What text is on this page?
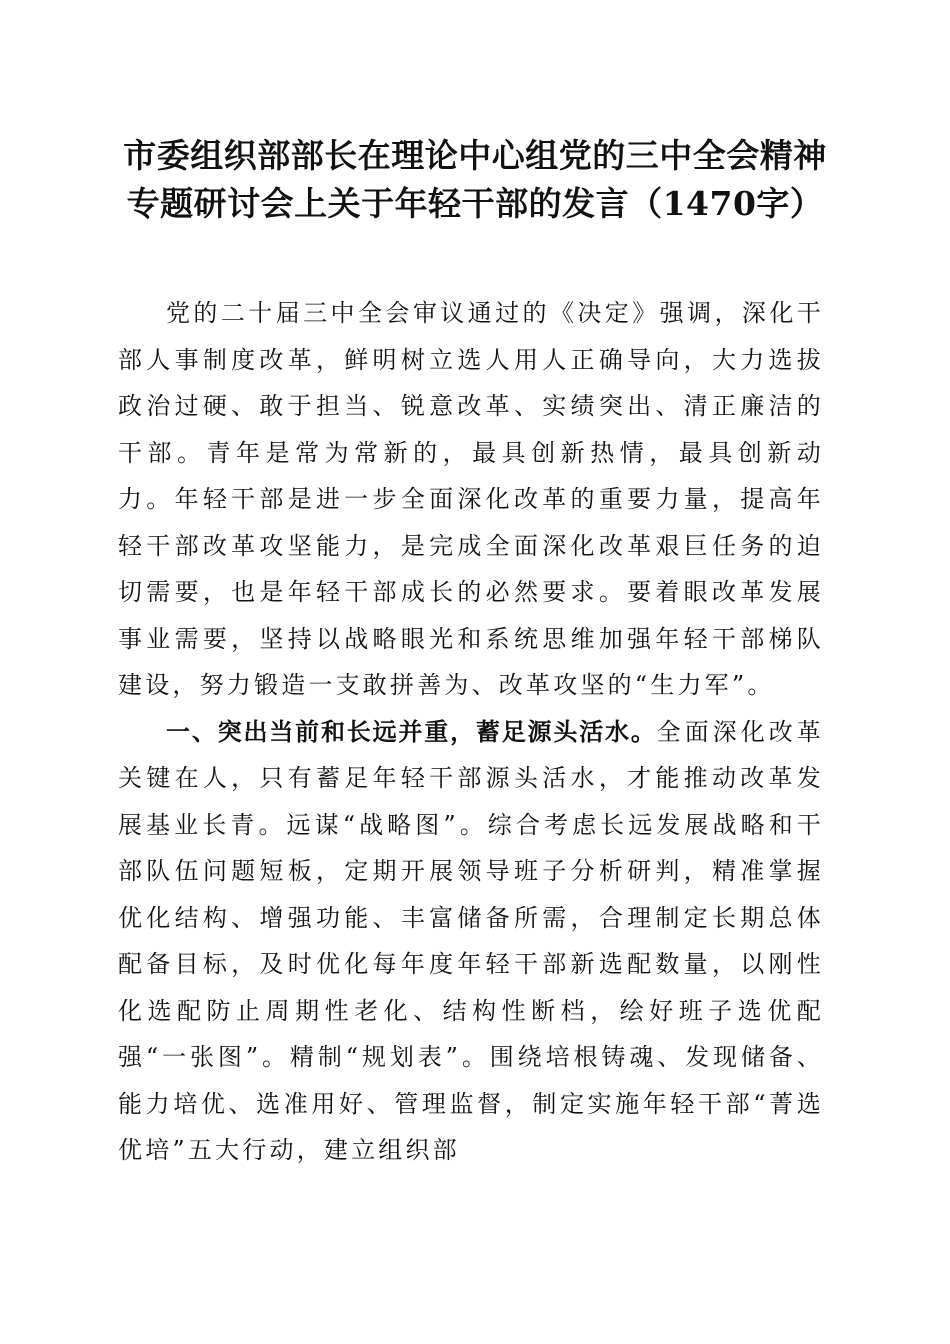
市委组织部部长在理论中心组党的三中全会精神专题研讨会上关于年轻干部的发言（1470字）

党的二十届三中全会审议通过的《决定》强调，深化干部人事制度改革，鲜明树立选人用人正确导向，大力选拔政治过硬、敢于担当、锐意改革、实绩突出、清正廉洁的干部。青年是常为常新的，最具创新热情，最具创新动力。年轻干部是进一步全面深化改革的重要力量，提高年轻干部改革攻坚能力，是完成全面深化改革艰巨任务的迫切需要，也是年轻干部成长的必然要求。要着眼改革发展事业需要，坚持以战略眼光和系统思维加强年轻干部梯队建设，努力锻造一支敢拼善为、改革攻坚的“生力军”。

一、突出当前和长远并重，蓄足源头活水。全面深化改革关键在人，只有蓄足年轻干部源头活水，才能推动改革发展基业长青。远谋“战略图”。综合考虑长远发展战略和干部队伍问题短板，定期开展领导班子分析研判，精准掌握优化结构、增强功能、丰富储备所需，合理制定长期总体配备目标，及时优化每年度年轻干部新选配数量，以刚性化选配防止周期性老化、结构性断档，绘好班子选优配强“一张图”。精制“规划表”。围绕培根铸魂、发现储备、能力培优、选准用好、管理监督，制定实施年轻干部“菁选优培”五大行动，建立组织部
